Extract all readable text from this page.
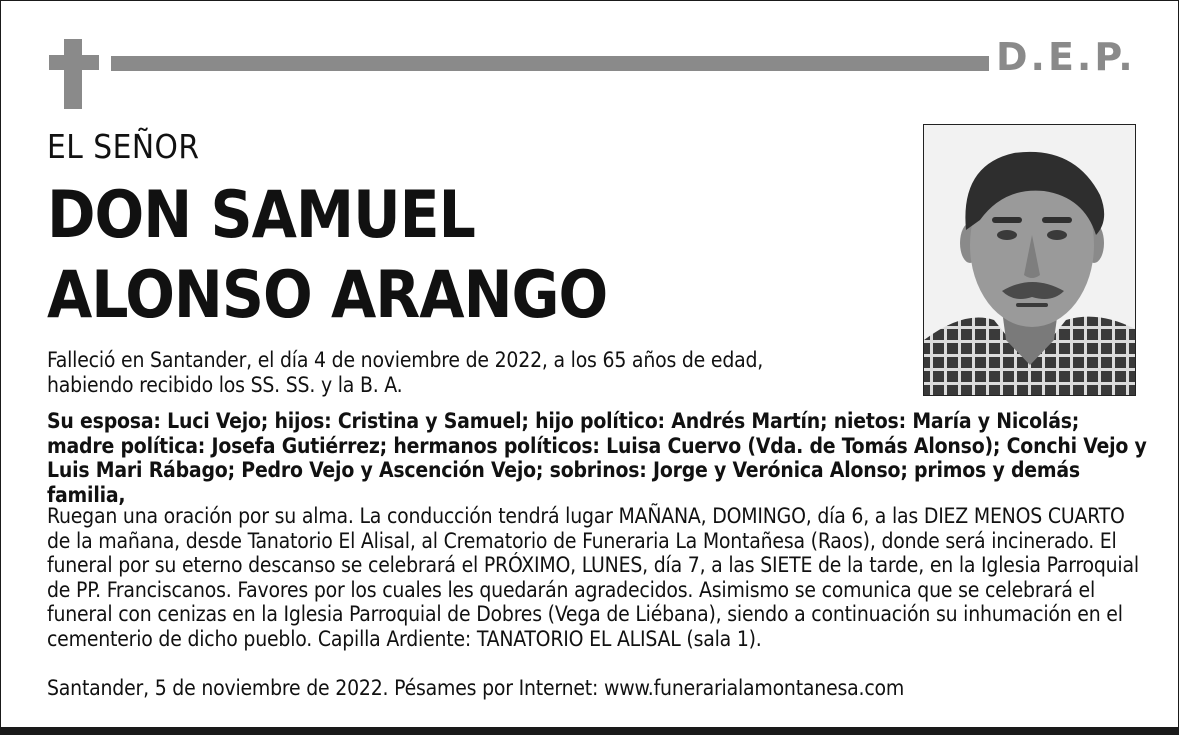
D.E.P.
EL SEÑOR
DON SAMUEL
ALONSO ARANGO

Falleció en Santander, el día 4 de noviembre de 2022, a los 65 años de edad, habiendo recibido los SS. SS. y la B. A.

Su esposa: Luci Vejo; hijos: Cristina y Samuel; hijo político: Andrés Martín; nietos: María y Nicolás; madre política: Josefa Gutiérrez; hermanos políticos: Luisa Cuervo (Vda. de Tomás Alonso); Conchi Vejo y Luis Mari Rábago; Pedro Vejo y Ascención Vejo; sobrinos: Jorge y Verónica Alonso; primos y demás familia,

Ruegan una oración por su alma. La conducción tendrá lugar MAÑANA, DOMINGO, día 6, a las DIEZ MENOS CUARTO de la mañana, desde Tanatorio El Alisal, al Crematorio de Funeraria La Montañesa (Raos), donde será incinerado. El funeral por su eterno descanso se celebrará el PRÓXIMO, LUNES, día 7, a las SIETE de la tarde, en la Iglesia Parroquial de PP. Franciscanos. Favores por los cuales les quedarán agradecidos. Asimismo se comunica que se celebrará el funeral con cenizas en la Iglesia Parroquial de Dobres (Vega de Liébana), siendo a continuación su inhumación en el cementerio de dicho pueblo. Capilla Ardiente: TANATORIO EL ALISAL (sala 1).

Santander, 5 de noviembre de 2022. Pésames por Internet: www.funerarialamontanesa.com
